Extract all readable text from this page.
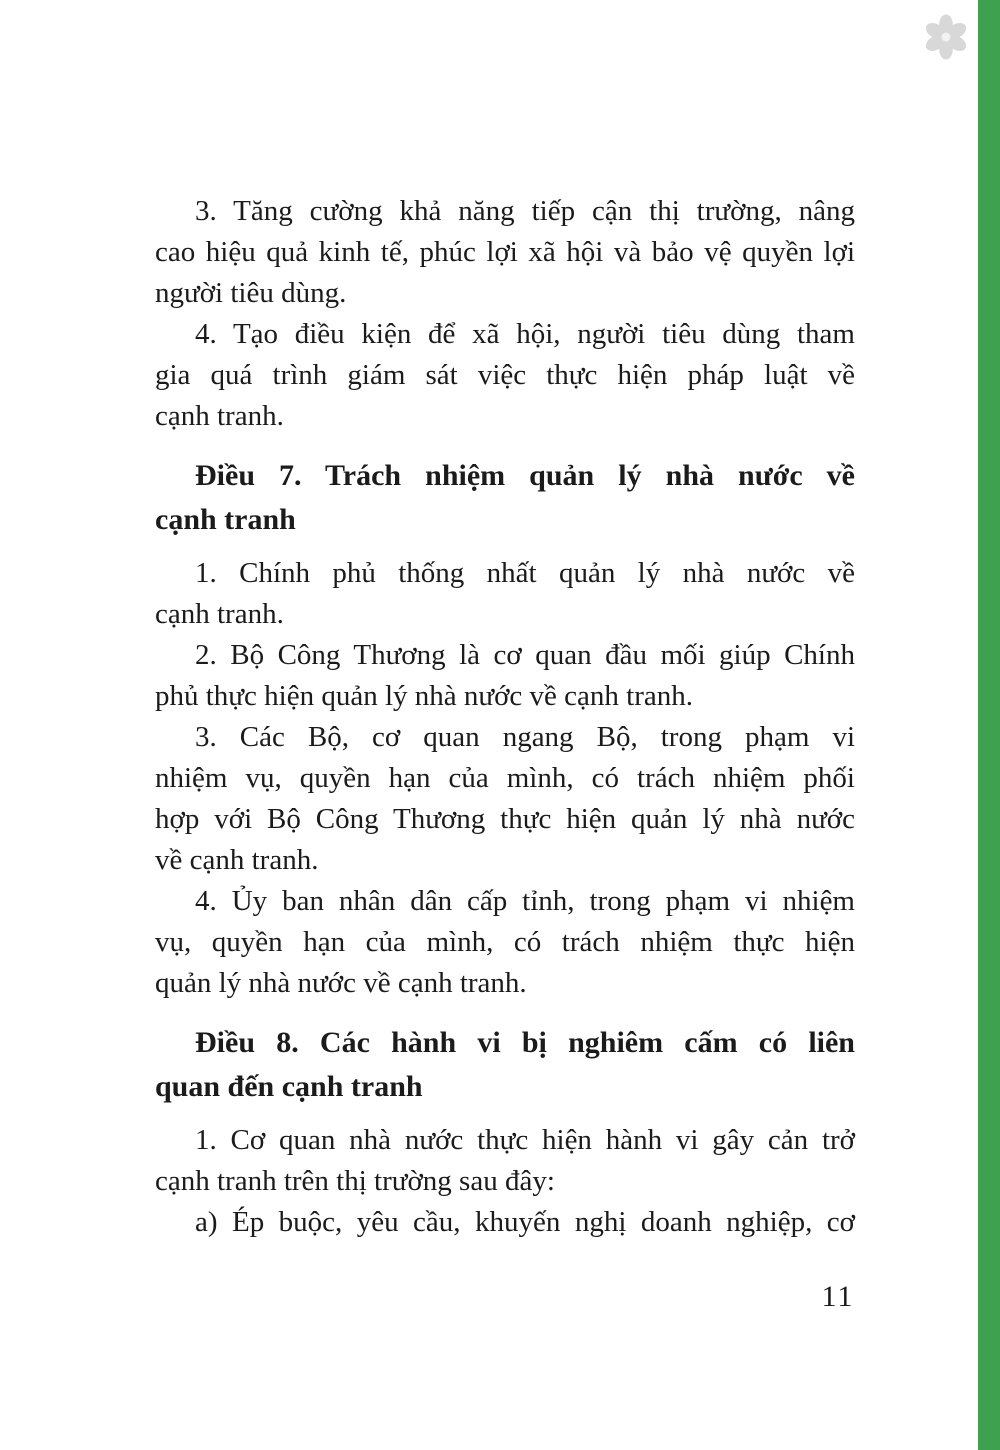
3. Tăng cường khả năng tiếp cận thị trường, nâng
cao hiệu quả kinh tế, phúc lợi xã hội và bảo vệ quyền lợi
người tiêu dùng.
4. Tạo điều kiện để xã hội, người tiêu dùng tham
gia quá trình giám sát việc thực hiện pháp luật về
cạnh tranh.
Điều 7. Trách nhiệm quản lý nhà nước về
cạnh tranh
1. Chính phủ thống nhất quản lý nhà nước về
cạnh tranh.
2. Bộ Công Thương là cơ quan đầu mối giúp Chính
phủ thực hiện quản lý nhà nước về cạnh tranh.
3. Các Bộ, cơ quan ngang Bộ, trong phạm vi
nhiệm vụ, quyền hạn của mình, có trách nhiệm phối
hợp với Bộ Công Thương thực hiện quản lý nhà nước
về cạnh tranh.
4. Ủy ban nhân dân cấp tỉnh, trong phạm vi nhiệm
vụ, quyền hạn của mình, có trách nhiệm thực hiện
quản lý nhà nước về cạnh tranh.
Điều 8. Các hành vi bị nghiêm cấm có liên
quan đến cạnh tranh
1. Cơ quan nhà nước thực hiện hành vi gây cản trở
cạnh tranh trên thị trường sau đây:
a) Ép buộc, yêu cầu, khuyến nghị doanh nghiệp, cơ
11
